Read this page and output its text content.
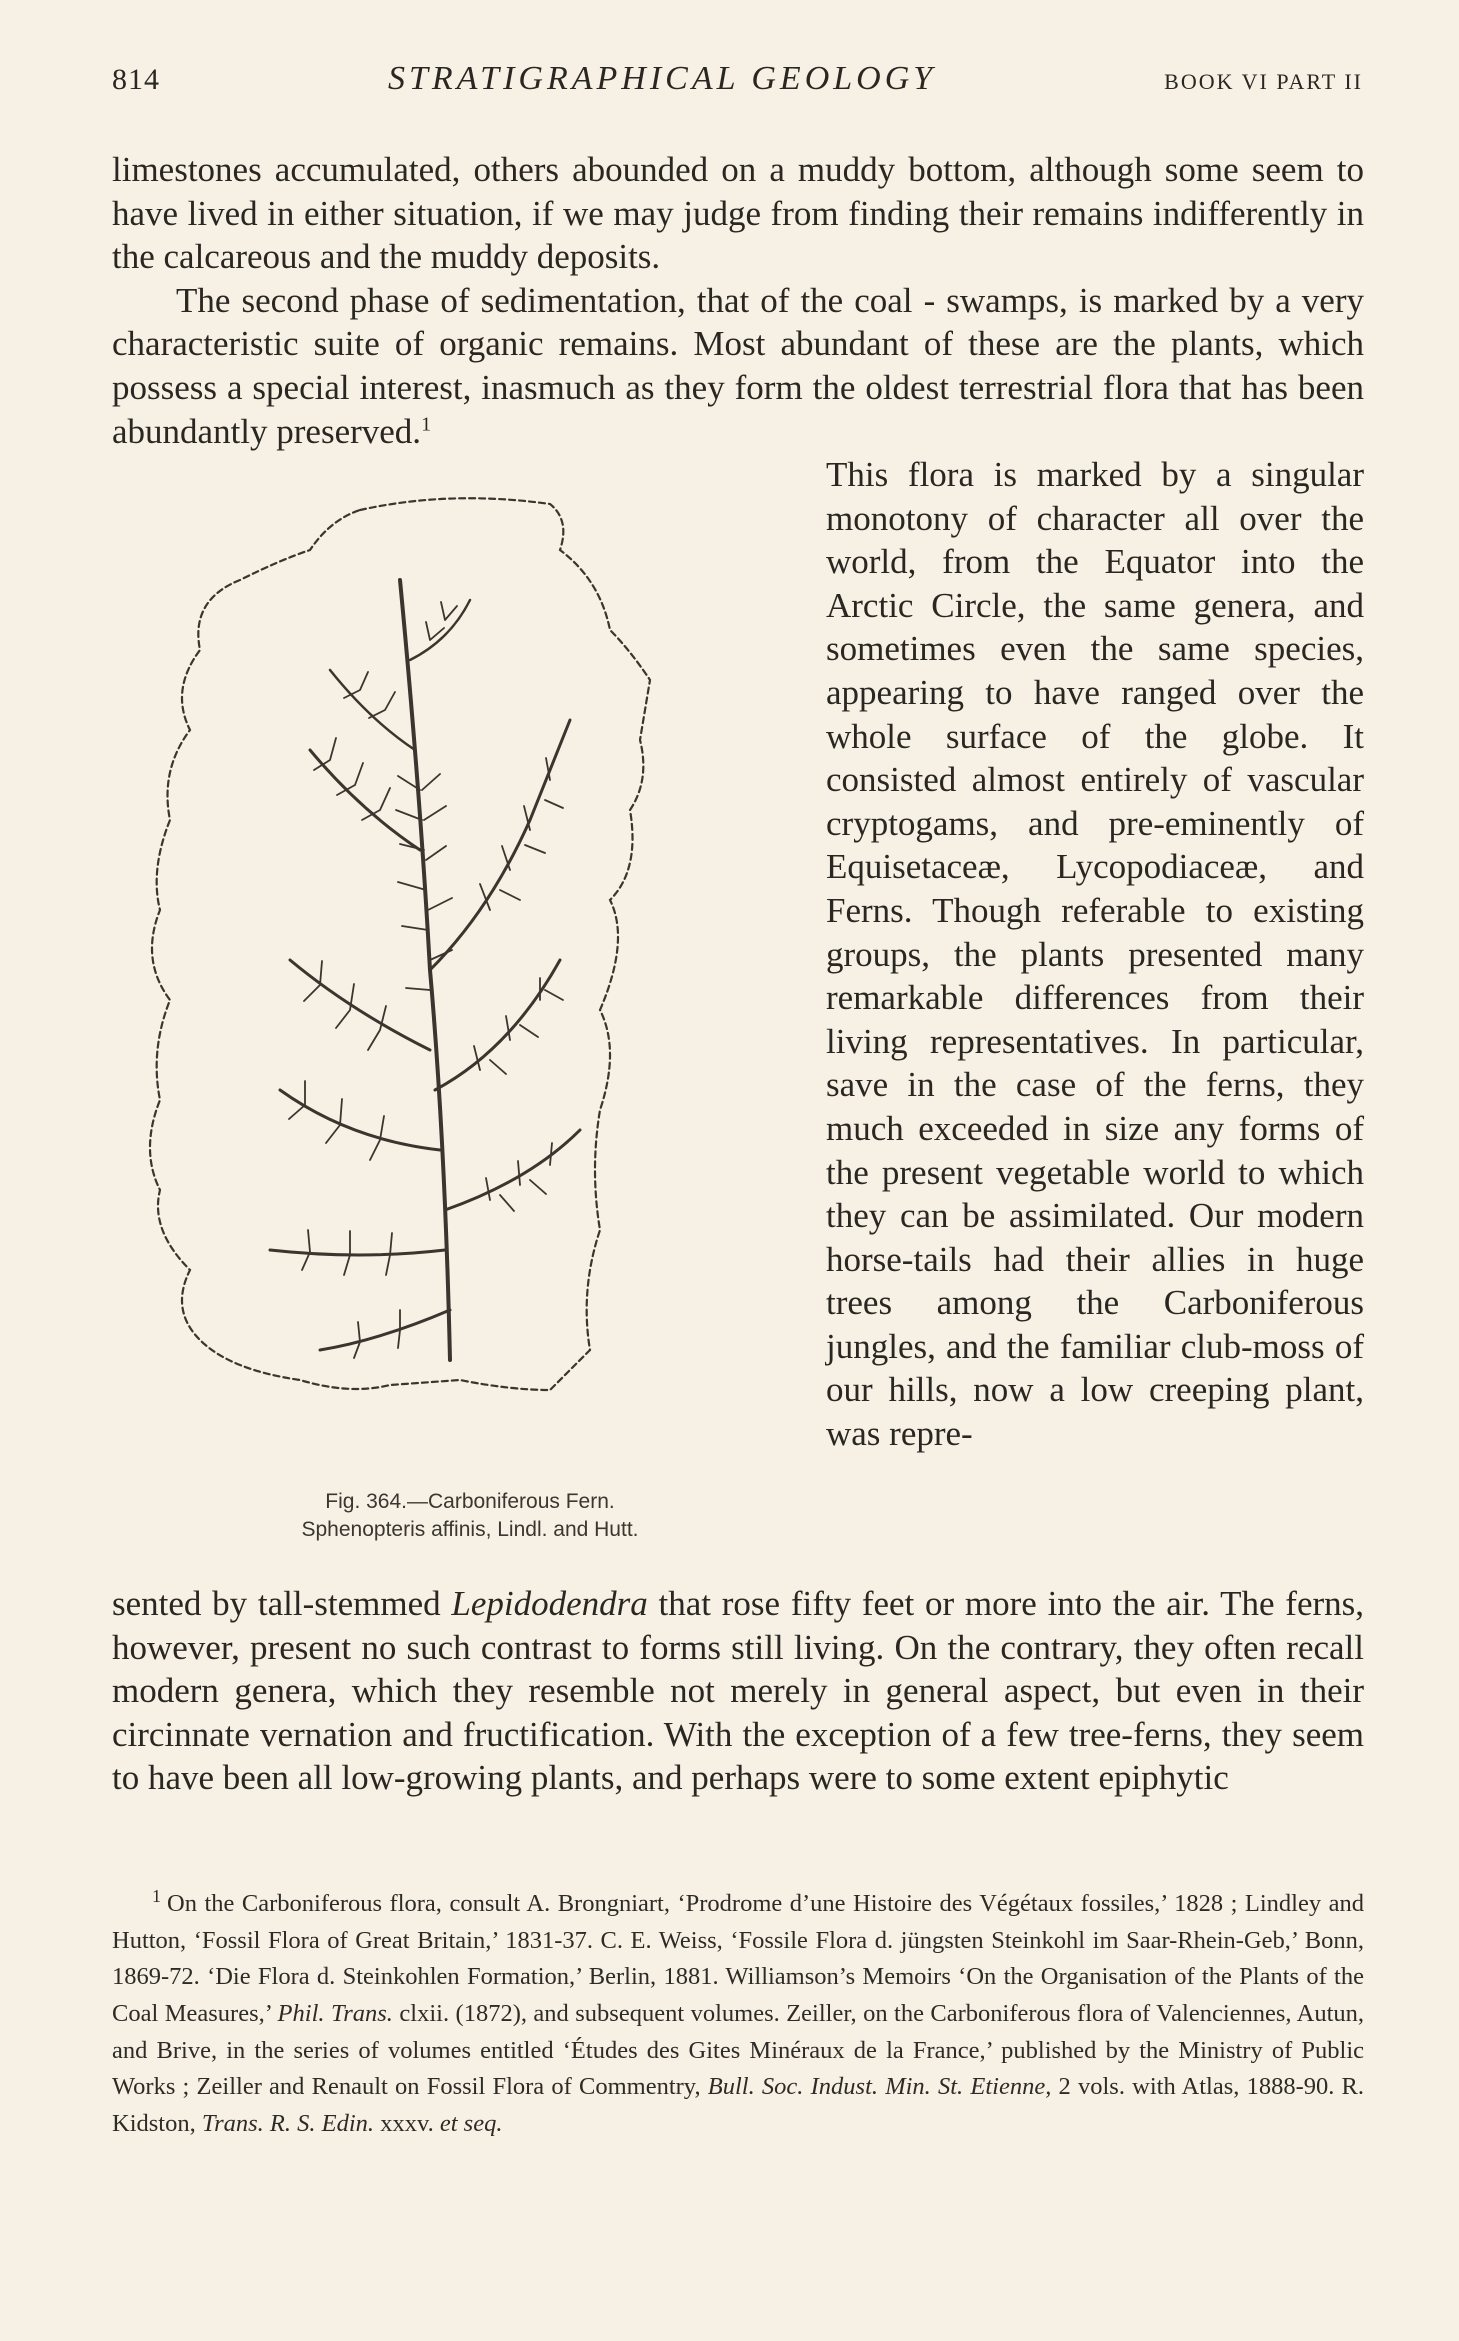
814	STRATIGRAPHICAL GEOLOGY	BOOK VI PART II

limestones accumulated, others abounded on a muddy bottom, although some seem to have lived in either situation, if we may judge from finding their remains indifferently in the calcareous and the muddy deposits.

The second phase of sedimentation, that of the coal - swamps, is marked by a very characteristic suite of organic remains. Most abundant of these are the plants, which possess a special interest, inasmuch as they form the oldest terrestrial flora that has been abundantly preserved.$^1$

This flora is marked by a singular monotony of character all over the world, from the Equator into the Arctic Circle, the same genera, and sometimes even the same species, appearing to have ranged over the whole surface of the globe. It consisted almost entirely of vascular cryptogams, and pre-eminently of Equisetaceæ, Lycopodiaceæ, and Ferns. Though referable to existing groups, the plants presented many remarkable differences from their living representatives. In particular, save in the case of the ferns, they much exceeded in size any forms of the present vegetable world to which they can be assimilated. Our modern horse-tails had their allies in huge trees among the Carboniferous jungles, and the familiar club-moss of our hills, now a low creeping plant, was repre-
Fig. 364.—Carboniferous Fern.
Sphenopteris affinis, Lindl. and Hutt.

sented by tall-stemmed Lepidodendra that rose fifty feet or more into the air. The ferns, however, present no such contrast to forms still living. On the contrary, they often recall modern genera, which they resemble not merely in general aspect, but even in their circinnate vernation and fructification. With the exception of a few tree-ferns, they seem to have been all low-growing plants, and perhaps were to some extent epiphytic

$^1$ On the Carboniferous flora, consult A. Brongniart, ‘Prodrome d’une Histoire des Végétaux fossiles,’ 1828 ; Lindley and Hutton, ‘Fossil Flora of Great Britain,’ 1831-37. C. E. Weiss, ‘Fossile Flora d. jüngsten Steinkohl im Saar-Rhein-Geb,’ Bonn, 1869-72. ‘Die Flora d. Steinkohlen Formation,’ Berlin, 1881. Williamson’s Memoirs ‘On the Organisation of the Plants of the Coal Measures,’ Phil. Trans. clxii. (1872), and subsequent volumes. Zeiller, on the Carboniferous flora of Valenciennes, Autun, and Brive, in the series of volumes entitled ‘Études des Gites Minéraux de la France,’ published by the Ministry of Public Works ; Zeiller and Renault on Fossil Flora of Commentry, Bull. Soc. Indust. Min. St. Etienne, 2 vols. with Atlas, 1888-90. R. Kidston, Trans. R. S. Edin. xxxv. et seq.
